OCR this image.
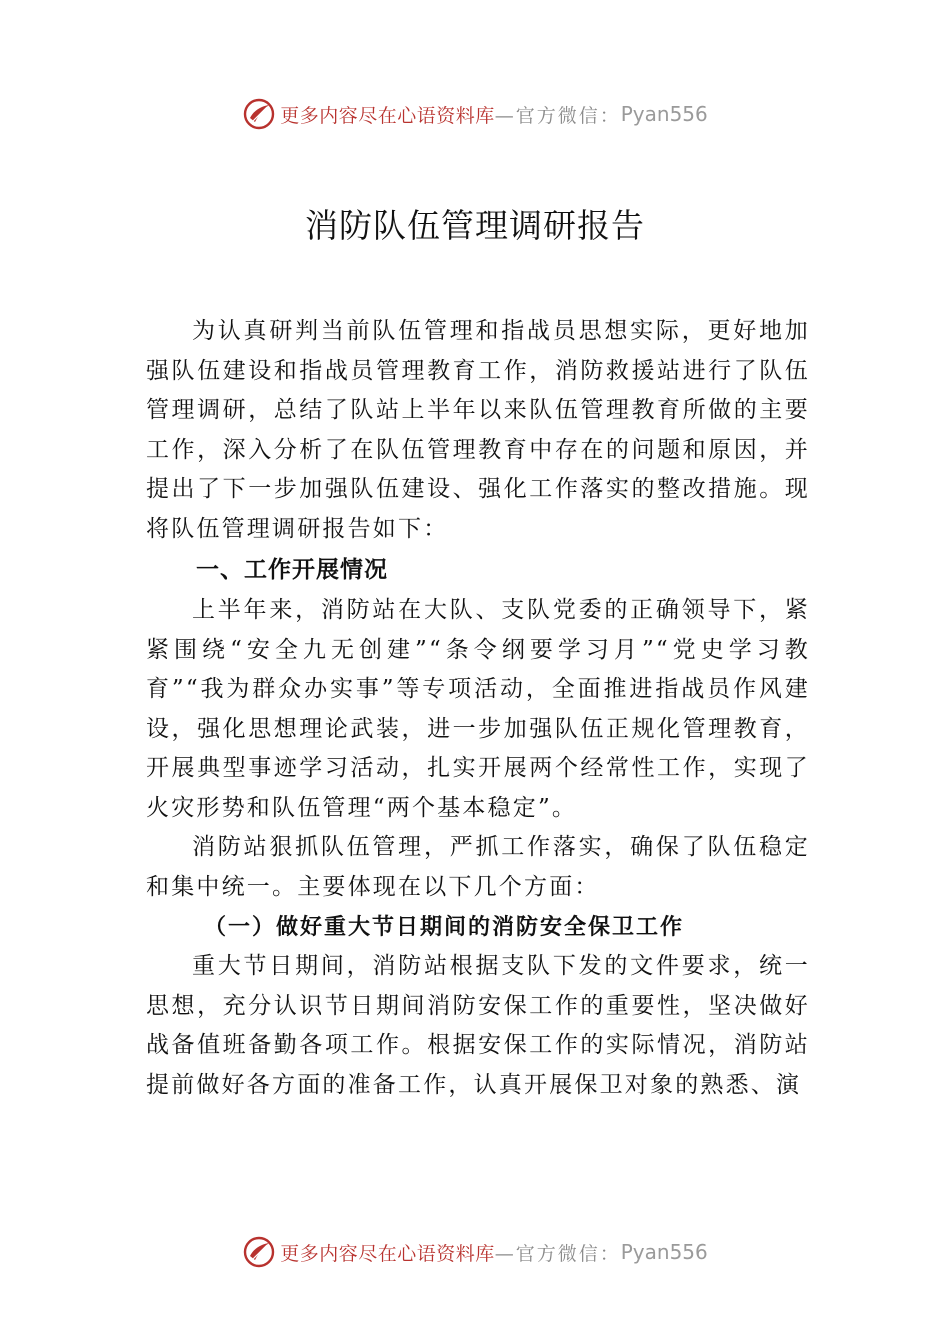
更多内容尽在心语资料库 —官方微信： Pyan556
消防队伍管理调研报告

为认真研判当前队伍管理和指战员思想实际，更好地加强队伍建设和指战员管理教育工作，消防救援站进行了队伍管理调研，总结了队站上半年以来队伍管理教育所做的主要工作，深入分析了在队伍管理教育中存在的问题和原因，并提出了下一步加强队伍建设、强化工作落实的整改措施。现将队伍管理调研报告如下：

一、工作开展情况

上半年来，消防站在大队、支队党委的正确领导下，紧紧围绕“安全九无创建”“条令纲要学习月”“党史学习教育”“我为群众办实事”等专项活动，全面推进指战员作风建设，强化思想理论武装，进一步加强队伍正规化管理教育，开展典型事迹学习活动，扎实开展两个经常性工作，实现了火灾形势和队伍管理“两个基本稳定”。

消防站狠抓队伍管理，严抓工作落实，确保了队伍稳定和集中统一。主要体现在以下几个方面：

（一）做好重大节日期间的消防安全保卫工作

重大节日期间，消防站根据支队下发的文件要求，统一思想，充分认识节日期间消防安保工作的重要性，坚决做好战备值班备勤各项工作。根据安保工作的实际情况，消防站提前做好各方面的准备工作，认真开展保卫对象的熟悉、演

更多内容尽在心语资料库 —官方微信： Pyan556
